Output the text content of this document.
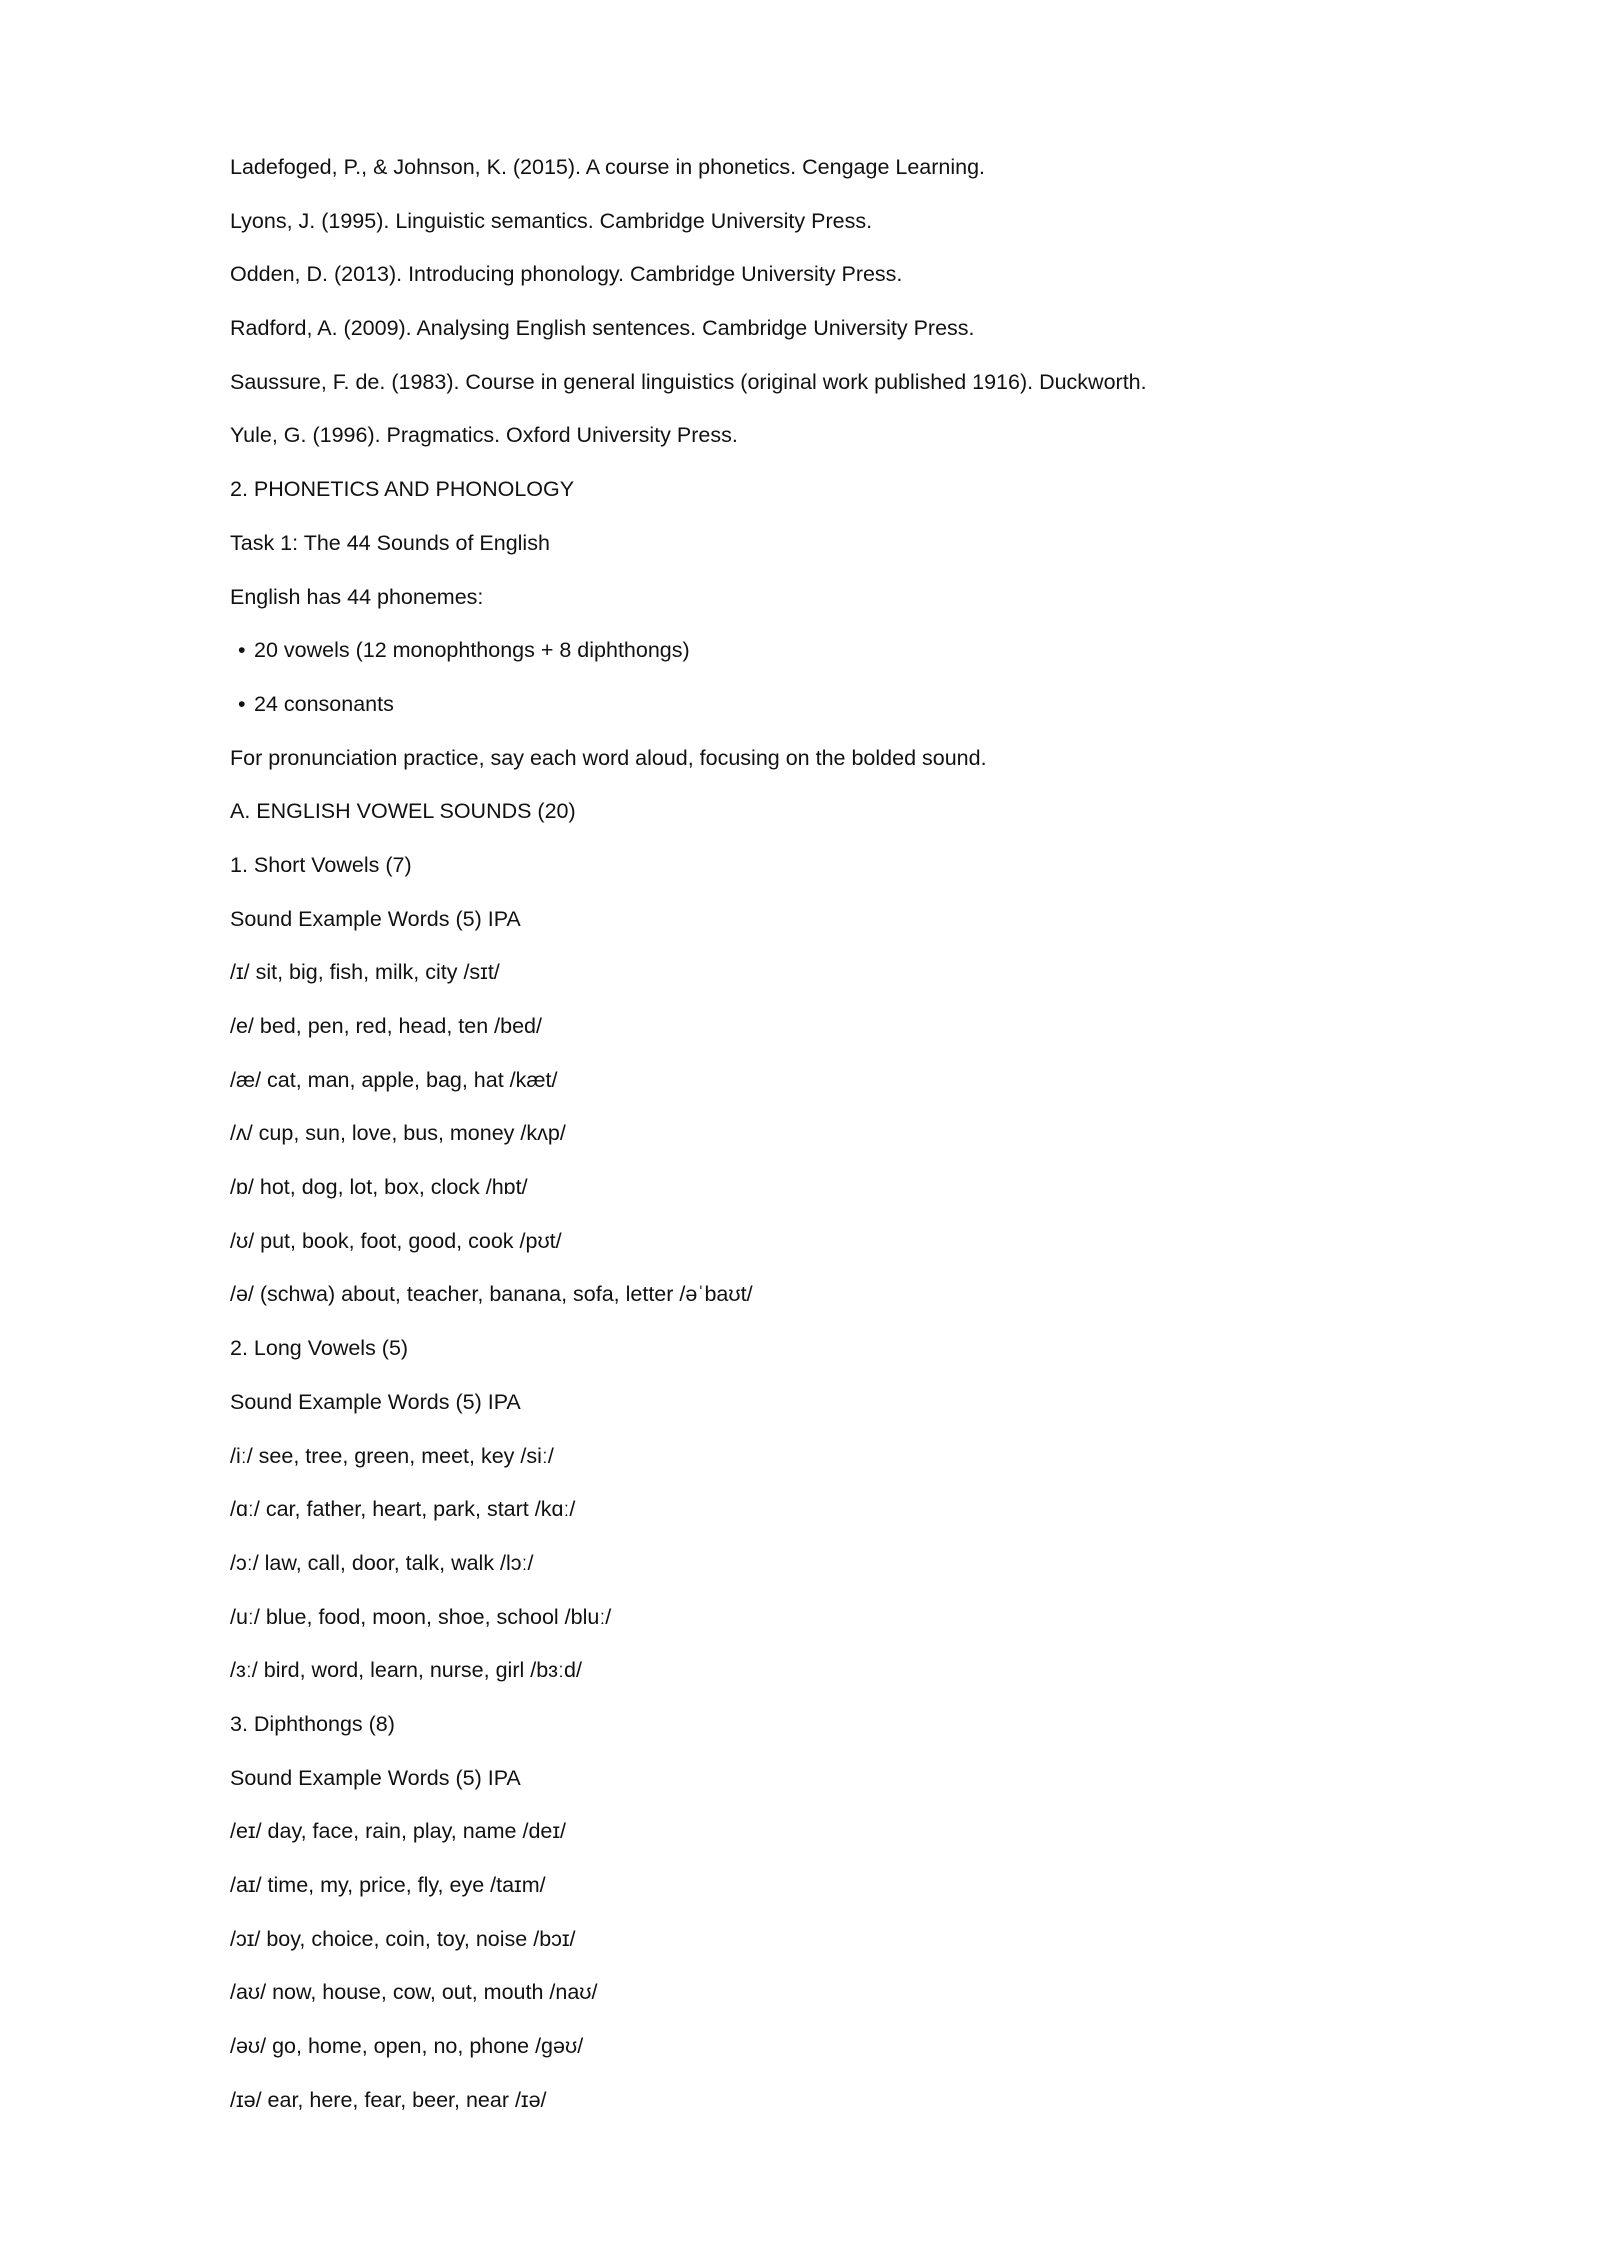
Ladefoged, P., & Johnson, K. (2015). A course in phonetics. Cengage Learning.
Lyons, J. (1995). Linguistic semantics. Cambridge University Press.
Odden, D. (2013). Introducing phonology. Cambridge University Press.
Radford, A. (2009). Analysing English sentences. Cambridge University Press.
Saussure, F. de. (1983). Course in general linguistics (original work published 1916). Duckworth.
Yule, G. (1996). Pragmatics. Oxford University Press.
2. PHONETICS AND PHONOLOGY
Task 1: The 44 Sounds of English
English has 44 phonemes:
• 20 vowels (12 monophthongs + 8 diphthongs)
• 24 consonants
For pronunciation practice, say each word aloud, focusing on the bolded sound.
A. ENGLISH VOWEL SOUNDS (20)
1. Short Vowels (7)
Sound Example Words (5) IPA
/ɪ/ sit, big, fish, milk, city /sɪt/
/e/ bed, pen, red, head, ten /bed/
/æ/ cat, man, apple, bag, hat /kæt/
/ʌ/ cup, sun, love, bus, money /kʌp/
/ɒ/ hot, dog, lot, box, clock /hɒt/
/ʊ/ put, book, foot, good, cook /pʊt/
/ə/ (schwa) about, teacher, banana, sofa, letter /əˈbaʊt/
2. Long Vowels (5)
Sound Example Words (5) IPA
/iː/ see, tree, green, meet, key /siː/
/ɑː/ car, father, heart, park, start /kɑː/
/ɔː/ law, call, door, talk, walk /lɔː/
/uː/ blue, food, moon, shoe, school /bluː/
/ɜː/ bird, word, learn, nurse, girl /bɜːd/
3. Diphthongs (8)
Sound Example Words (5) IPA
/eɪ/ day, face, rain, play, name /deɪ/
/aɪ/ time, my, price, fly, eye /taɪm/
/ɔɪ/ boy, choice, coin, toy, noise /bɔɪ/
/aʊ/ now, house, cow, out, mouth /naʊ/
/əʊ/ go, home, open, no, phone /gəʊ/
/ɪə/ ear, here, fear, beer, near /ɪə/
